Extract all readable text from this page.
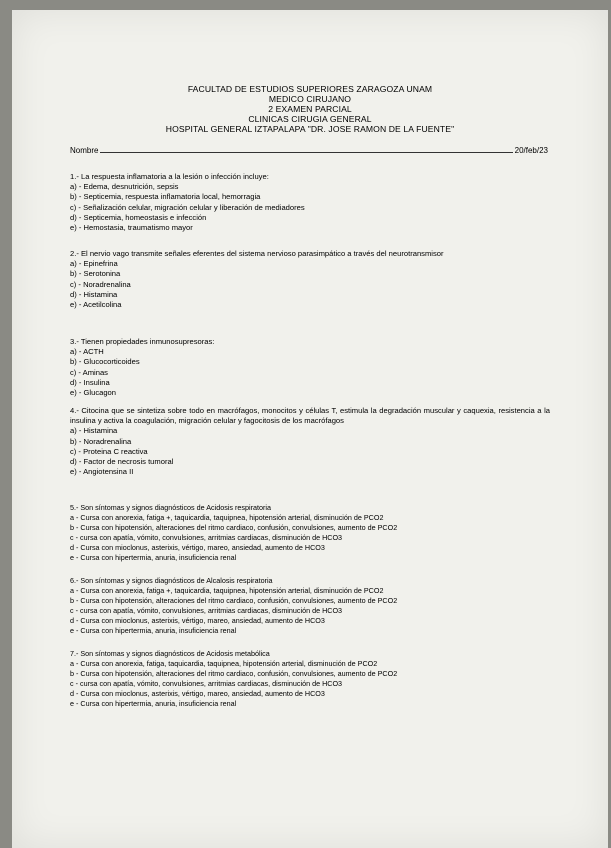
FACULTAD DE ESTUDIOS SUPERIORES ZARAGOZA UNAM
MEDICO CIRUJANO
2 EXAMEN PARCIAL
CLINICAS CIRUGIA GENERAL
HOSPITAL GENERAL IZTAPALAPA "DR. JOSE RAMON DE LA FUENTE"
Nombre	20/feb/23

1.- La respuesta inflamatoria a la lesión o infección incluye:

a) - Edema, desnutrición, sepsis

b) - Septicemia, respuesta inflamatoria local, hemorragia

c) - Señalización celular, migración celular y liberación de mediadores

d) - Septicemia, homeostasis e infección

e) - Hemostasia, traumatismo mayor

2.- El nervio vago transmite señales eferentes del sistema nervioso parasimpático a través del neurotransmisor

a) - Epinefrina

b) - Serotonina

c) - Noradrenalina

d) - Histamina

e) - Acetilcolina

3.- Tienen propiedades inmunosupresoras:

a) - ACTH

b) - Glucocorticoides

c) - Aminas

d) - Insulina

e) - Glucagon

4.- Citocina que se sintetiza sobre todo en macrófagos, monocitos y células T, estimula la degradación muscular y caquexia, resistencia a la insulina y activa la coagulación, migración celular y fagocitosis de los macrófagos

a) - Histamina

b) - Noradrenalina

c) - Proteina C reactiva

d) - Factor de necrosis tumoral

e) - Angiotensina II

5.- Son síntomas y signos diagnósticos de Acidosis respiratoria

a - Cursa con anorexia, fatiga +, taquicardia, taquipnea, hipotensión arterial, disminución de PCO2

b - Cursa con hipotensión, alteraciones del ritmo cardiaco, confusión, convulsiones, aumento de PCO2

c - cursa con apatía, vómito, convulsiones, arritmias cardiacas, disminución de HCO3

d - Cursa con mioclonus, asterixis, vértigo, mareo, ansiedad, aumento de HCO3

e - Cursa con hipertermia, anuria, insuficiencia renal

6.- Son síntomas y signos diagnósticos de Alcalosis respiratoria

a - Cursa con anorexia, fatiga +, taquicardia, taquipnea, hipotensión arterial, disminución de PCO2

b - Cursa con hipotensión, alteraciones del ritmo cardiaco, confusión, convulsiones, aumento de PCO2

c - cursa con apatía, vómito, convulsiones, arritmias cardiacas, disminución de HCO3

d - Cursa con mioclonus, asterixis, vértigo, mareo, ansiedad, aumento de HCO3

e - Cursa con hipertermia, anuria, insuficiencia renal

7.- Son síntomas y signos diagnósticos de Acidosis metabólica

a - Cursa con anorexia, fatiga, taquicardia, taquipnea, hipotensión arterial, disminución de PCO2

b - Cursa con hipotensión, alteraciones del ritmo cardiaco, confusión, convulsiones, aumento de PCO2

c - cursa con apatía, vómito, convulsiones, arritmias cardiacas, disminución de HCO3

d - Cursa con mioclonus, asterixis, vértigo, mareo, ansiedad, aumento de HCO3

e - Cursa con hipertermia, anuria, insuficiencia renal
